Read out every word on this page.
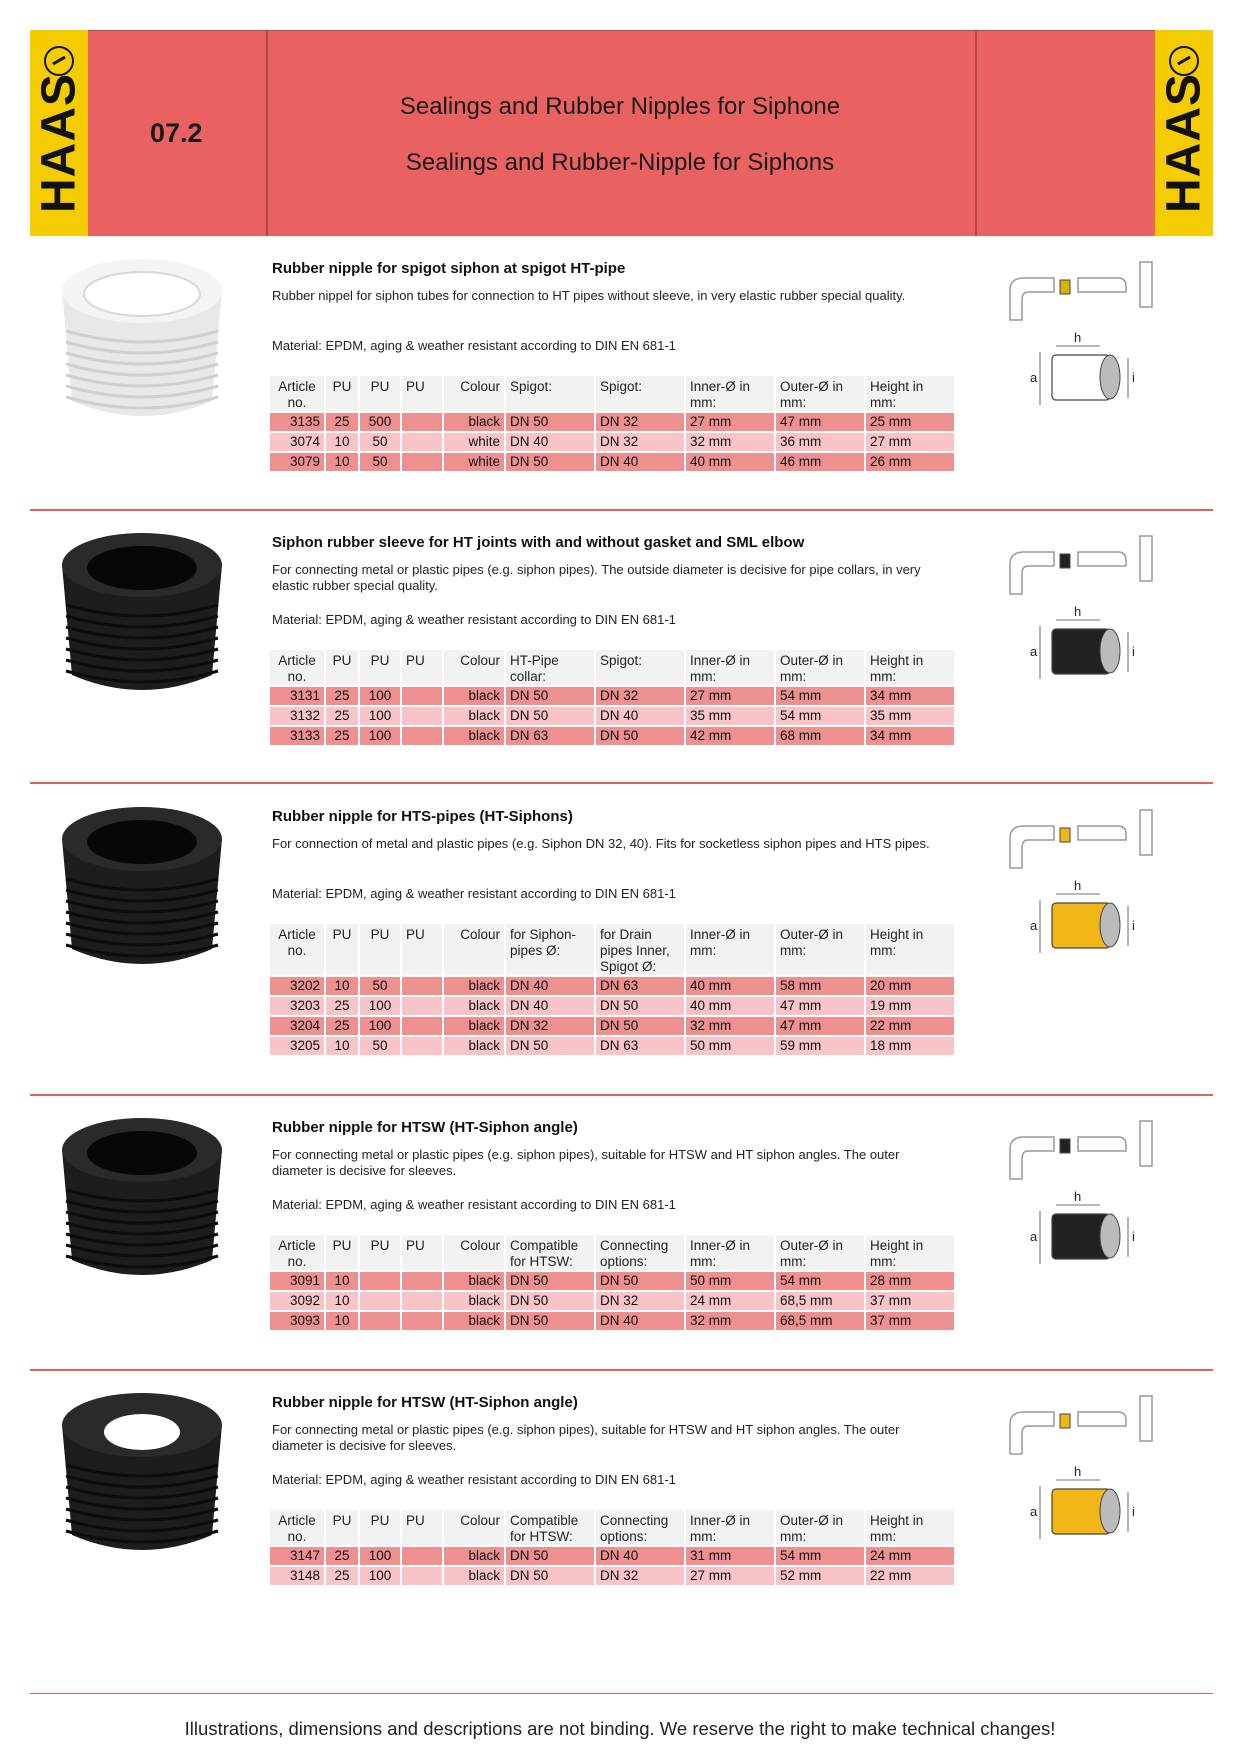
HAAS	HAAS
07.2
Sealings and Rubber Nipples for Siphone
Sealings and Rubber-Nipple for Siphons
Rubber nipple for spigot siphon at spigot HT-pipe
Rubber nippel for siphon tubes for connection to HT pipes without sleeve, in very elastic rubber special quality.
Material: EPDM, aging & weather resistant according to DIN EN 681-1
Article no.	PU	PU	PU	Colour	Spigot:	Spigot:	Inner-Ø in mm:	Outer-Ø in mm:	Height in mm:
3135	25	500		black	DN 50	DN 32	27 mm	47 mm	25 mm
3074	10	50		white	DN 40	DN 32	32 mm	36 mm	27 mm
3079	10	50		white	DN 50	DN 40	40 mm	46 mm	26 mm
a
h
i
Siphon rubber sleeve for HT joints with and without gasket and SML elbow
For connecting metal or plastic pipes (e.g. siphon pipes). The outside diameter is decisive for pipe collars, in very elastic rubber special quality.
Material: EPDM, aging & weather resistant according to DIN EN 681-1
Article no.	PU	PU	PU	Colour	HT-Pipe collar:	Spigot:	Inner-Ø in mm:	Outer-Ø in mm:	Height in mm:
3131	25	100		black	DN 50	DN 32	27 mm	54 mm	34 mm
3132	25	100		black	DN 50	DN 40	35 mm	54 mm	35 mm
3133	25	100		black	DN 63	DN 50	42 mm	68 mm	34 mm
a
h
i
Rubber nipple for HTS-pipes (HT-Siphons)
For connection of metal and plastic pipes (e.g. Siphon DN 32, 40). Fits for socketless siphon pipes and HTS pipes.
Material: EPDM, aging & weather resistant according to DIN EN 681-1
Article no.	PU	PU	PU	Colour	for Siphon-pipes Ø:	for Drain pipes Inner, Spigot Ø:	Inner-Ø in mm:	Outer-Ø in mm:	Height in mm:
3202	10	50		black	DN 40	DN 63	40 mm	58 mm	20 mm
3203	25	100		black	DN 40	DN 50	40 mm	47 mm	19 mm
3204	25	100		black	DN 32	DN 50	32 mm	47 mm	22 mm
3205	10	50		black	DN 50	DN 63	50 mm	59 mm	18 mm
a
h
i
Rubber nipple for HTSW (HT-Siphon angle)
For connecting metal or plastic pipes (e.g. siphon pipes), suitable for HTSW and HT siphon angles. The outer diameter is decisive for sleeves.
Material: EPDM, aging & weather resistant according to DIN EN 681-1
Article no.	PU	PU	PU	Colour	Compatible for HTSW:	Connecting options:	Inner-Ø in mm:	Outer-Ø in mm:	Height in mm:
3091	10			black	DN 50	DN 50	50 mm	54 mm	28 mm
3092	10			black	DN 50	DN 32	24 mm	68,5 mm	37 mm
3093	10			black	DN 50	DN 40	32 mm	68,5 mm	37 mm
a
h
i
Rubber nipple for HTSW (HT-Siphon angle)
For connecting metal or plastic pipes (e.g. siphon pipes), suitable for HTSW and HT siphon angles. The outer diameter is decisive for sleeves.
Material: EPDM, aging & weather resistant according to DIN EN 681-1
Article no.	PU	PU	PU	Colour	Compatible for HTSW:	Connecting options:	Inner-Ø in mm:	Outer-Ø in mm:	Height in mm:
3147	25	100		black	DN 50	DN 40	31 mm	54 mm	24 mm
3148	25	100		black	DN 50	DN 32	27 mm	52 mm	22 mm
a
h
i
Illustrations, dimensions and descriptions are not binding. We reserve the right to make technical changes!
